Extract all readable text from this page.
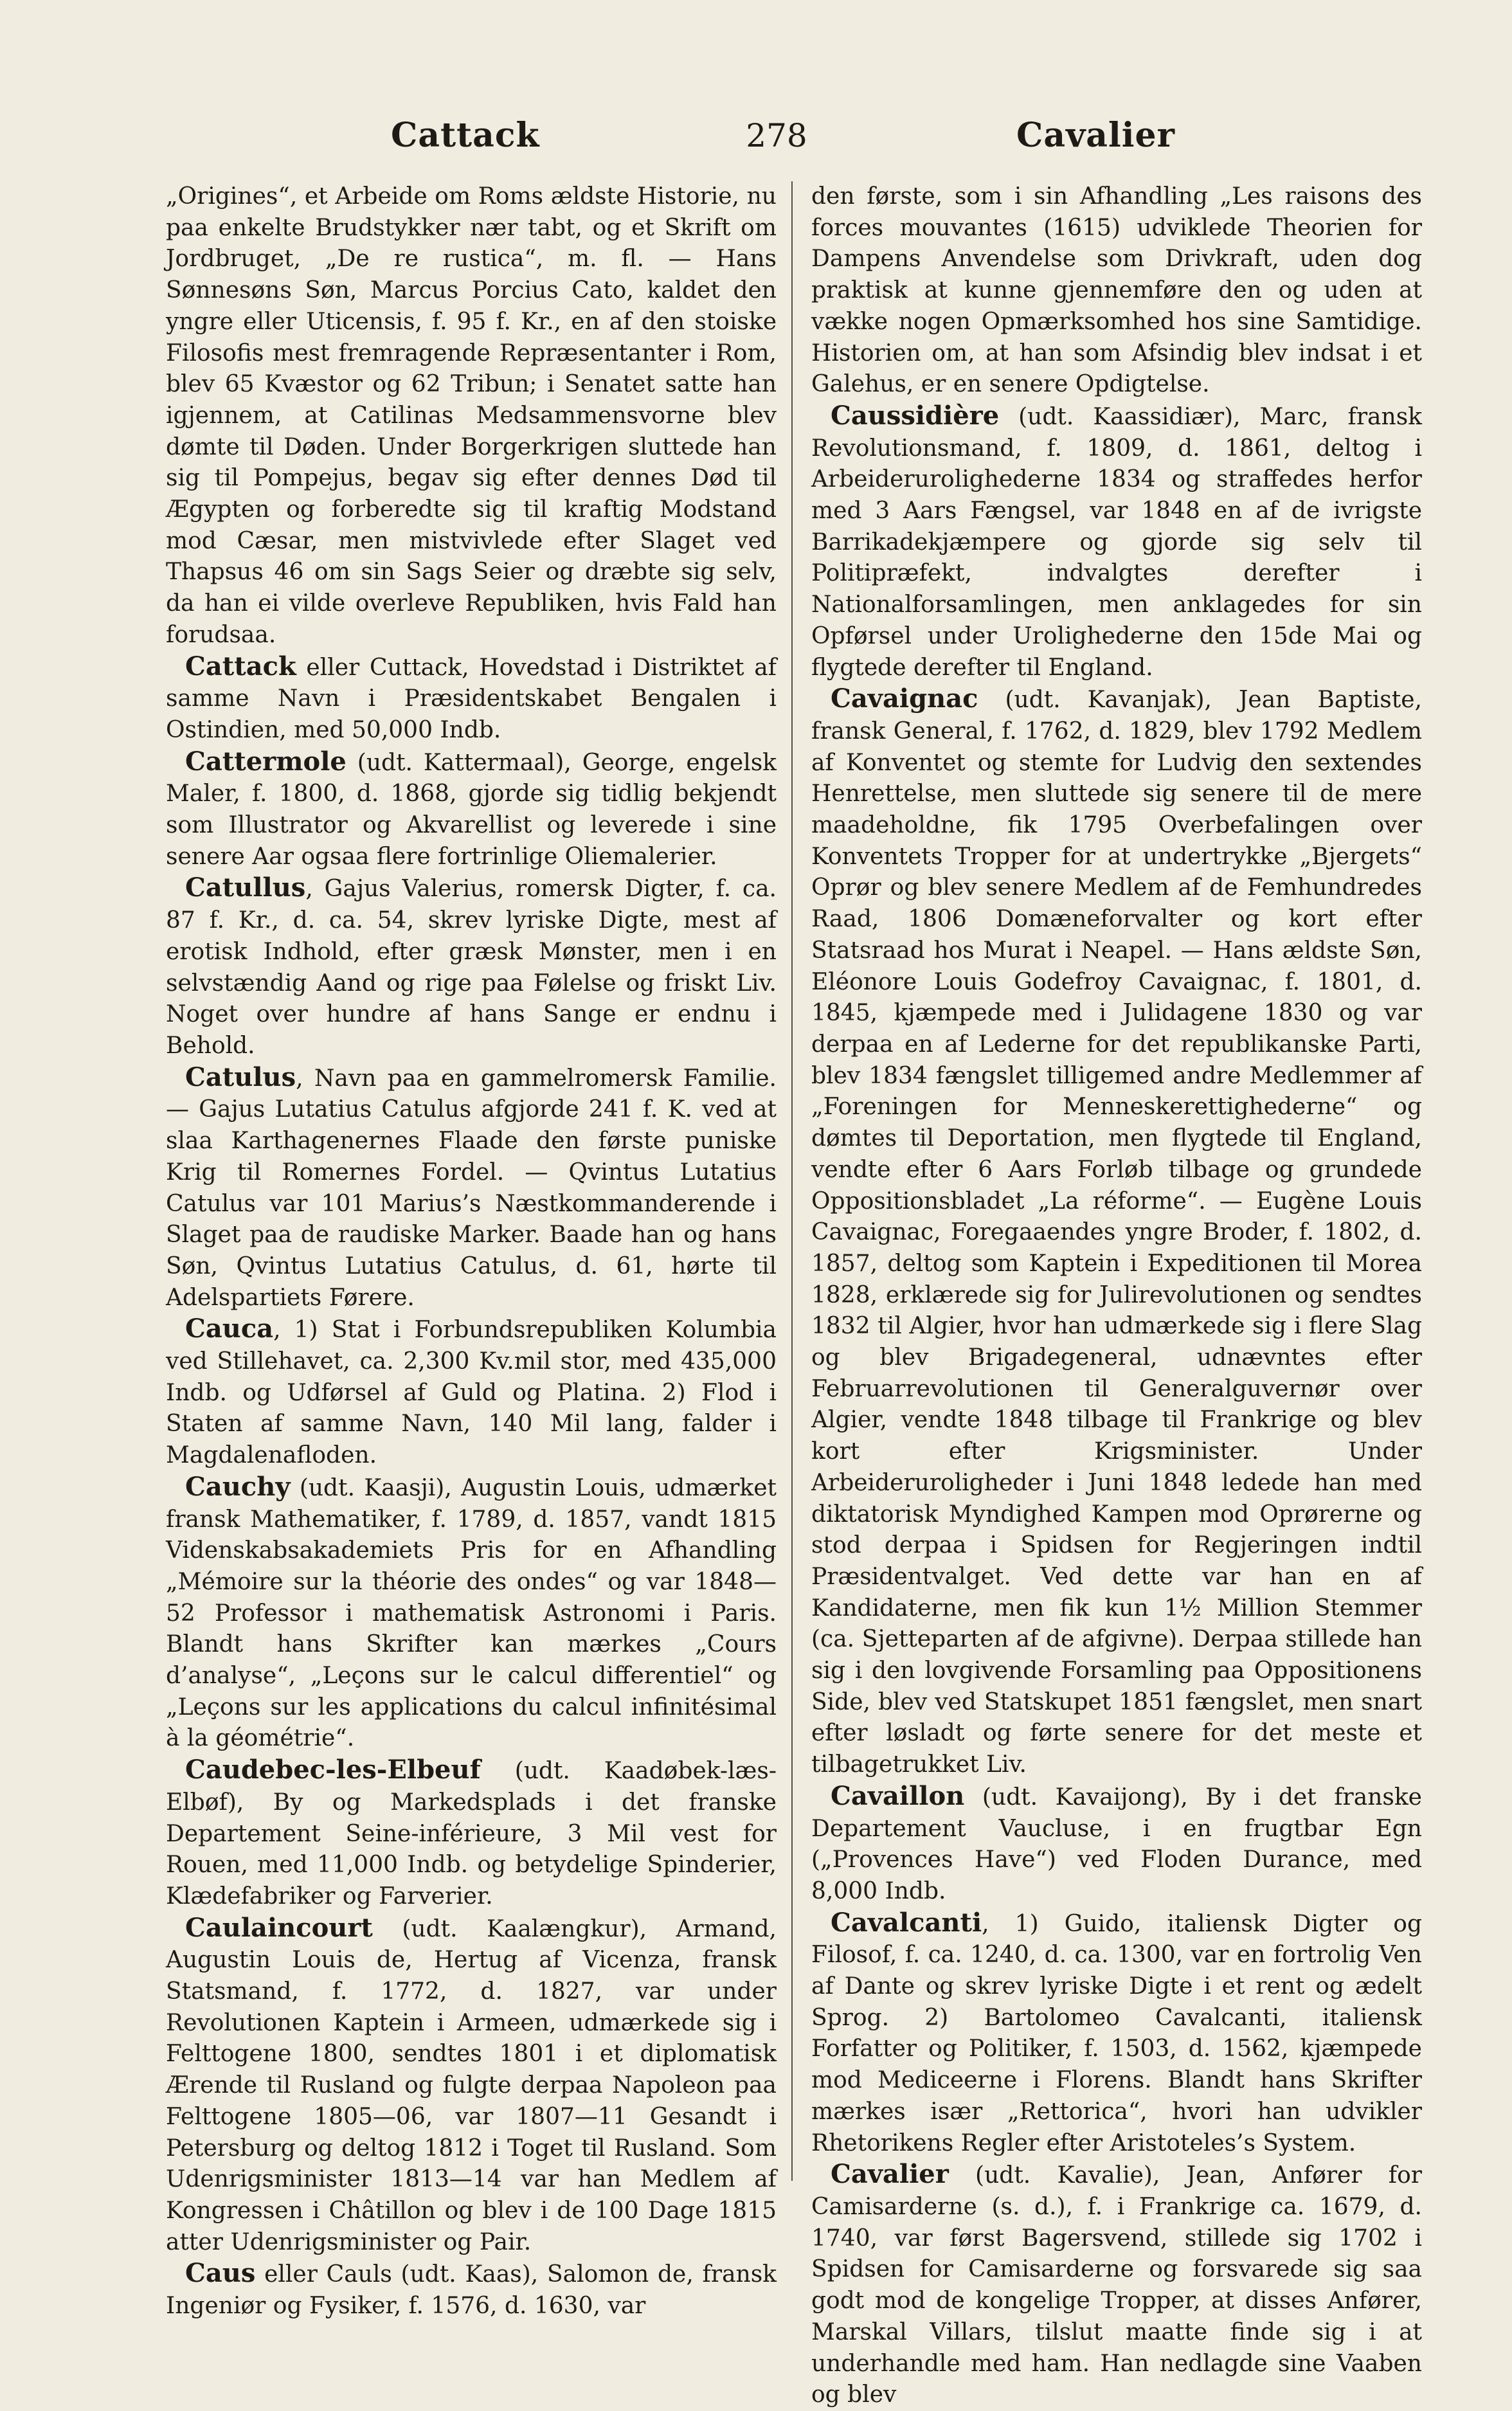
Cattack	278	Cavalier

„Origines“, et Arbeide om Roms ældste Historie, nu paa enkelte Brudstykker nær tabt, og et Skrift om Jordbruget, „De re rustica“, m. fl. — Hans Sønnesøns Søn, Marcus Porcius Cato, kaldet den yngre eller Uticensis, f. 95 f. Kr., en af den stoiske Filosofis mest fremragende Repræsentanter i Rom, blev 65 Kvæstor og 62 Tribun; i Senatet satte han igjennem, at Catilinas Medsammensvorne blev dømte til Døden. Under Borgerkrigen sluttede han sig til Pompejus, begav sig efter dennes Død til Ægypten og forberedte sig til kraftig Modstand mod Cæsar, men mistvivlede efter Slaget ved Thapsus 46 om sin Sags Seier og dræbte sig selv, da han ei vilde overleve Republiken, hvis Fald han forudsaa.

Cattack eller Cuttack, Hovedstad i Distriktet af samme Navn i Præsidentskabet Bengalen i Ostindien, med 50,000 Indb.

Cattermole (udt. Kattermaal), George, engelsk Maler, f. 1800, d. 1868, gjorde sig tidlig bekjendt som Illustrator og Akvarellist og leverede i sine senere Aar ogsaa flere fortrinlige Oliemalerier.

Catullus, Gajus Valerius, romersk Digter, f. ca. 87 f. Kr., d. ca. 54, skrev lyriske Digte, mest af erotisk Indhold, efter græsk Mønster, men i en selvstændig Aand og rige paa Følelse og friskt Liv. Noget over hundre af hans Sange er endnu i Behold.

Catulus, Navn paa en gammelromersk Familie. — Gajus Lutatius Catulus afgjorde 241 f. K. ved at slaa Karthagenernes Flaade den første puniske Krig til Romernes Fordel. — Qvintus Lutatius Catulus var 101 Marius’s Næstkommanderende i Slaget paa de raudiske Marker. Baade han og hans Søn, Qvintus Lutatius Catulus, d. 61, hørte til Adelspartiets Førere.

Cauca, 1) Stat i Forbundsrepubliken Kolumbia ved Stillehavet, ca. 2,300 Kv.mil stor, med 435,000 Indb. og Udførsel af Guld og Platina. 2) Flod i Staten af samme Navn, 140 Mil lang, falder i Magdalenafloden.

Cauchy (udt. Kaasji), Augustin Louis, udmærket fransk Mathematiker, f. 1789, d. 1857, vandt 1815 Videnskabsakademiets Pris for en Afhandling „Mémoire sur la théorie des ondes“ og var 1848—52 Professor i mathematisk Astronomi i Paris. Blandt hans Skrifter kan mærkes „Cours d’analyse“, „Leçons sur le calcul differentiel“ og „Leçons sur les applications du calcul infinitésimal à la géométrie“.

Caudebec-les-Elbeuf (udt. Kaadøbek-læs-Elbøf), By og Markedsplads i det franske Departement Seine-inférieure, 3 Mil vest for Rouen, med 11,000 Indb. og betydelige Spinderier, Klædefabriker og Farverier.

Caulaincourt (udt. Kaalængkur), Armand, Augustin Louis de, Hertug af Vicenza, fransk Statsmand, f. 1772, d. 1827, var under Revolutionen Kaptein i Armeen, udmærkede sig i Felttogene 1800, sendtes 1801 i et diplomatisk Ærende til Rusland og fulgte derpaa Napoleon paa Felttogene 1805—06, var 1807—11 Gesandt i Petersburg og deltog 1812 i Toget til Rusland. Som Udenrigsminister 1813—14 var han Medlem af Kongressen i Châtillon og blev i de 100 Dage 1815 atter Udenrigsminister og Pair.

Caus eller Cauls (udt. Kaas), Salomon de, fransk Ingeniør og Fysiker, f. 1576, d. 1630, var

den første, som i sin Afhandling „Les raisons des forces mouvantes (1615) udviklede Theorien for Dampens Anvendelse som Drivkraft, uden dog praktisk at kunne gjennemføre den og uden at vække nogen Opmærksomhed hos sine Samtidige. Historien om, at han som Afsindig blev indsat i et Galehus, er en senere Opdigtelse.

Caussidière (udt. Kaassidiær), Marc, fransk Revolutionsmand, f. 1809, d. 1861, deltog i Arbeiderurolighederne 1834 og straffedes herfor med 3 Aars Fængsel, var 1848 en af de ivrigste Barrikadekjæmpere og gjorde sig selv til Politipræfekt, indvalgtes derefter i Nationalforsamlingen, men anklagedes for sin Opførsel under Urolighederne den 15de Mai og flygtede derefter til England.

Cavaignac (udt. Kavanjak), Jean Baptiste, fransk General, f. 1762, d. 1829, blev 1792 Medlem af Konventet og stemte for Ludvig den sextendes Henrettelse, men sluttede sig senere til de mere maadeholdne, fik 1795 Overbefalingen over Konventets Tropper for at undertrykke „Bjergets“ Oprør og blev senere Medlem af de Femhundredes Raad, 1806 Domæneforvalter og kort efter Statsraad hos Murat i Neapel. — Hans ældste Søn, Eléonore Louis Godefroy Cavaignac, f. 1801, d. 1845, kjæmpede med i Julidagene 1830 og var derpaa en af Lederne for det republikanske Parti, blev 1834 fængslet tilligemed andre Medlemmer af „Foreningen for Menneskerettighederne“ og dømtes til Deportation, men flygtede til England, vendte efter 6 Aars Forløb tilbage og grundede Oppositionsbladet „La réforme“. — Eugène Louis Cavaignac, Foregaaendes yngre Broder, f. 1802, d. 1857, deltog som Kaptein i Expeditionen til Morea 1828, erklærede sig for Julirevolutionen og sendtes 1832 til Algier, hvor han udmærkede sig i flere Slag og blev Brigadegeneral, udnævntes efter Februarrevolutionen til Generalguvernør over Algier, vendte 1848 tilbage til Frankrige og blev kort efter Krigsminister. Under Arbeideruroligheder i Juni 1848 ledede han med diktatorisk Myndighed Kampen mod Oprørerne og stod derpaa i Spidsen for Regjeringen indtil Præsidentvalget. Ved dette var han en af Kandidaterne, men fik kun 1½ Million Stemmer (ca. Sjetteparten af de afgivne). Derpaa stillede han sig i den lovgivende Forsamling paa Oppositionens Side, blev ved Statskupet 1851 fængslet, men snart efter løsladt og førte senere for det meste et tilbagetrukket Liv.

Cavaillon (udt. Kavaijong), By i det franske Departement Vaucluse, i en frugtbar Egn („Provences Have“) ved Floden Durance, med 8,000 Indb.

Cavalcanti, 1) Guido, italiensk Digter og Filosof, f. ca. 1240, d. ca. 1300, var en fortrolig Ven af Dante og skrev lyriske Digte i et rent og ædelt Sprog. 2) Bartolomeo Cavalcanti, italiensk Forfatter og Politiker, f. 1503, d. 1562, kjæmpede mod Mediceerne i Florens. Blandt hans Skrifter mærkes især „Rettorica“, hvori han udvikler Rhetorikens Regler efter Aristoteles’s System.

Cavalier (udt. Kavalie), Jean, Anfører for Camisarderne (s. d.), f. i Frankrige ca. 1679, d. 1740, var først Bagersvend, stillede sig 1702 i Spidsen for Camisarderne og forsvarede sig saa godt mod de kongelige Tropper, at disses Anfører, Marskal Villars, tilslut maatte finde sig i at underhandle med ham. Han nedlagde sine Vaaben og blev
